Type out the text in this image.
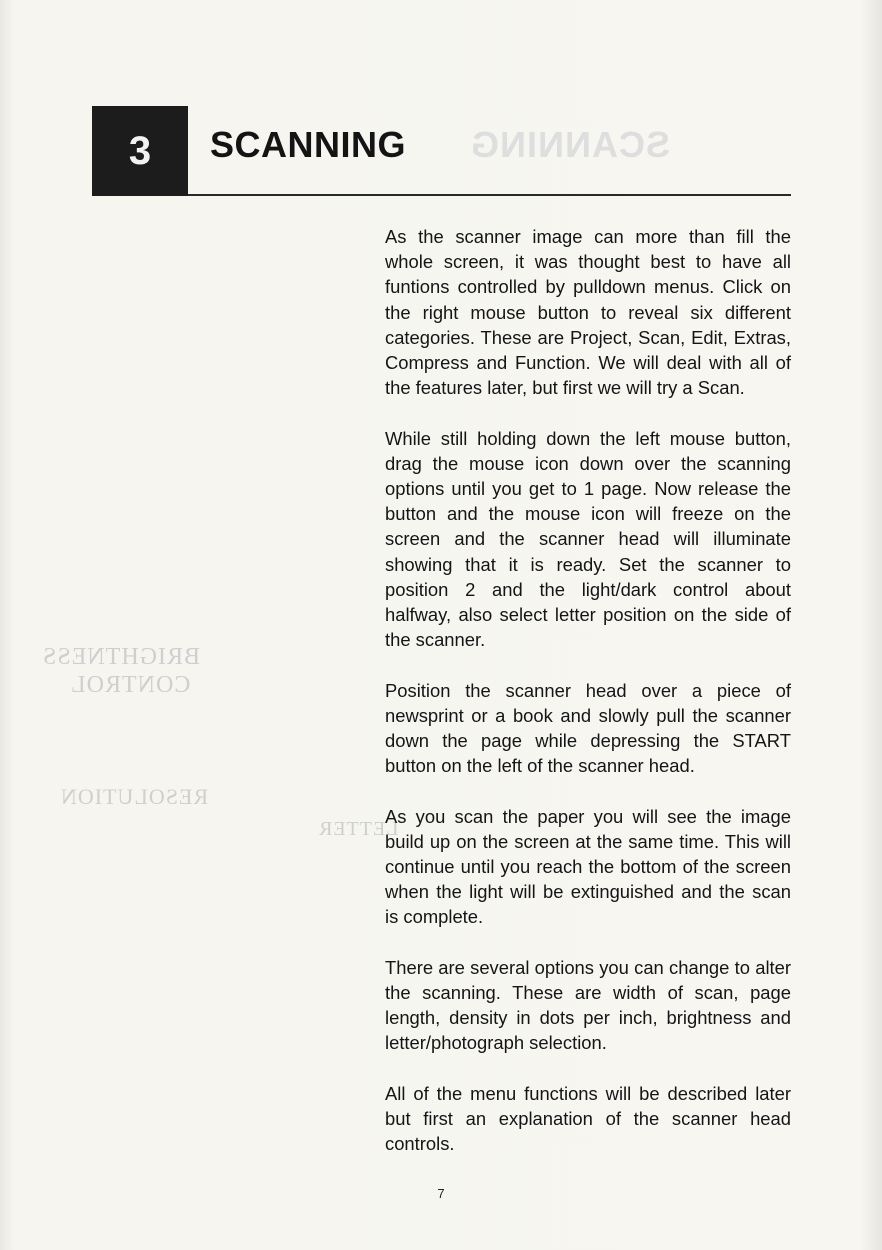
SCANNING
BRIGHTNESS
CONTROL
RESOLUTION
LETTER
3 SCANNING

As the scanner image can more than fill the whole screen, it was thought best to have all funtions controlled by pulldown menus. Click on the right mouse button to reveal six different categories. These are Project, Scan, Edit, Extras, Compress and Function. We will deal with all of the features later, but first we will try a Scan.

While still holding down the left mouse button, drag the mouse icon down over the scanning options until you get to 1 page. Now release the button and the mouse icon will freeze on the screen and the scanner head will illuminate showing that it is ready. Set the scanner to position 2 and the light/dark control about halfway, also select letter position on the side of the scanner.

Position the scanner head over a piece of newsprint or a book and slowly pull the scanner down the page while depressing the START button on the left of the scanner head.

As you scan the paper you will see the image build up on the screen at the same time. This will continue until you reach the bottom of the screen when the light will be extinguished and the scan is complete.

There are several options you can change to alter the scanning. These are width of scan, page length, density in dots per inch, brightness and letter/photograph selection.

All of the menu functions will be described later but first an explanation of the scanner head controls.

7
